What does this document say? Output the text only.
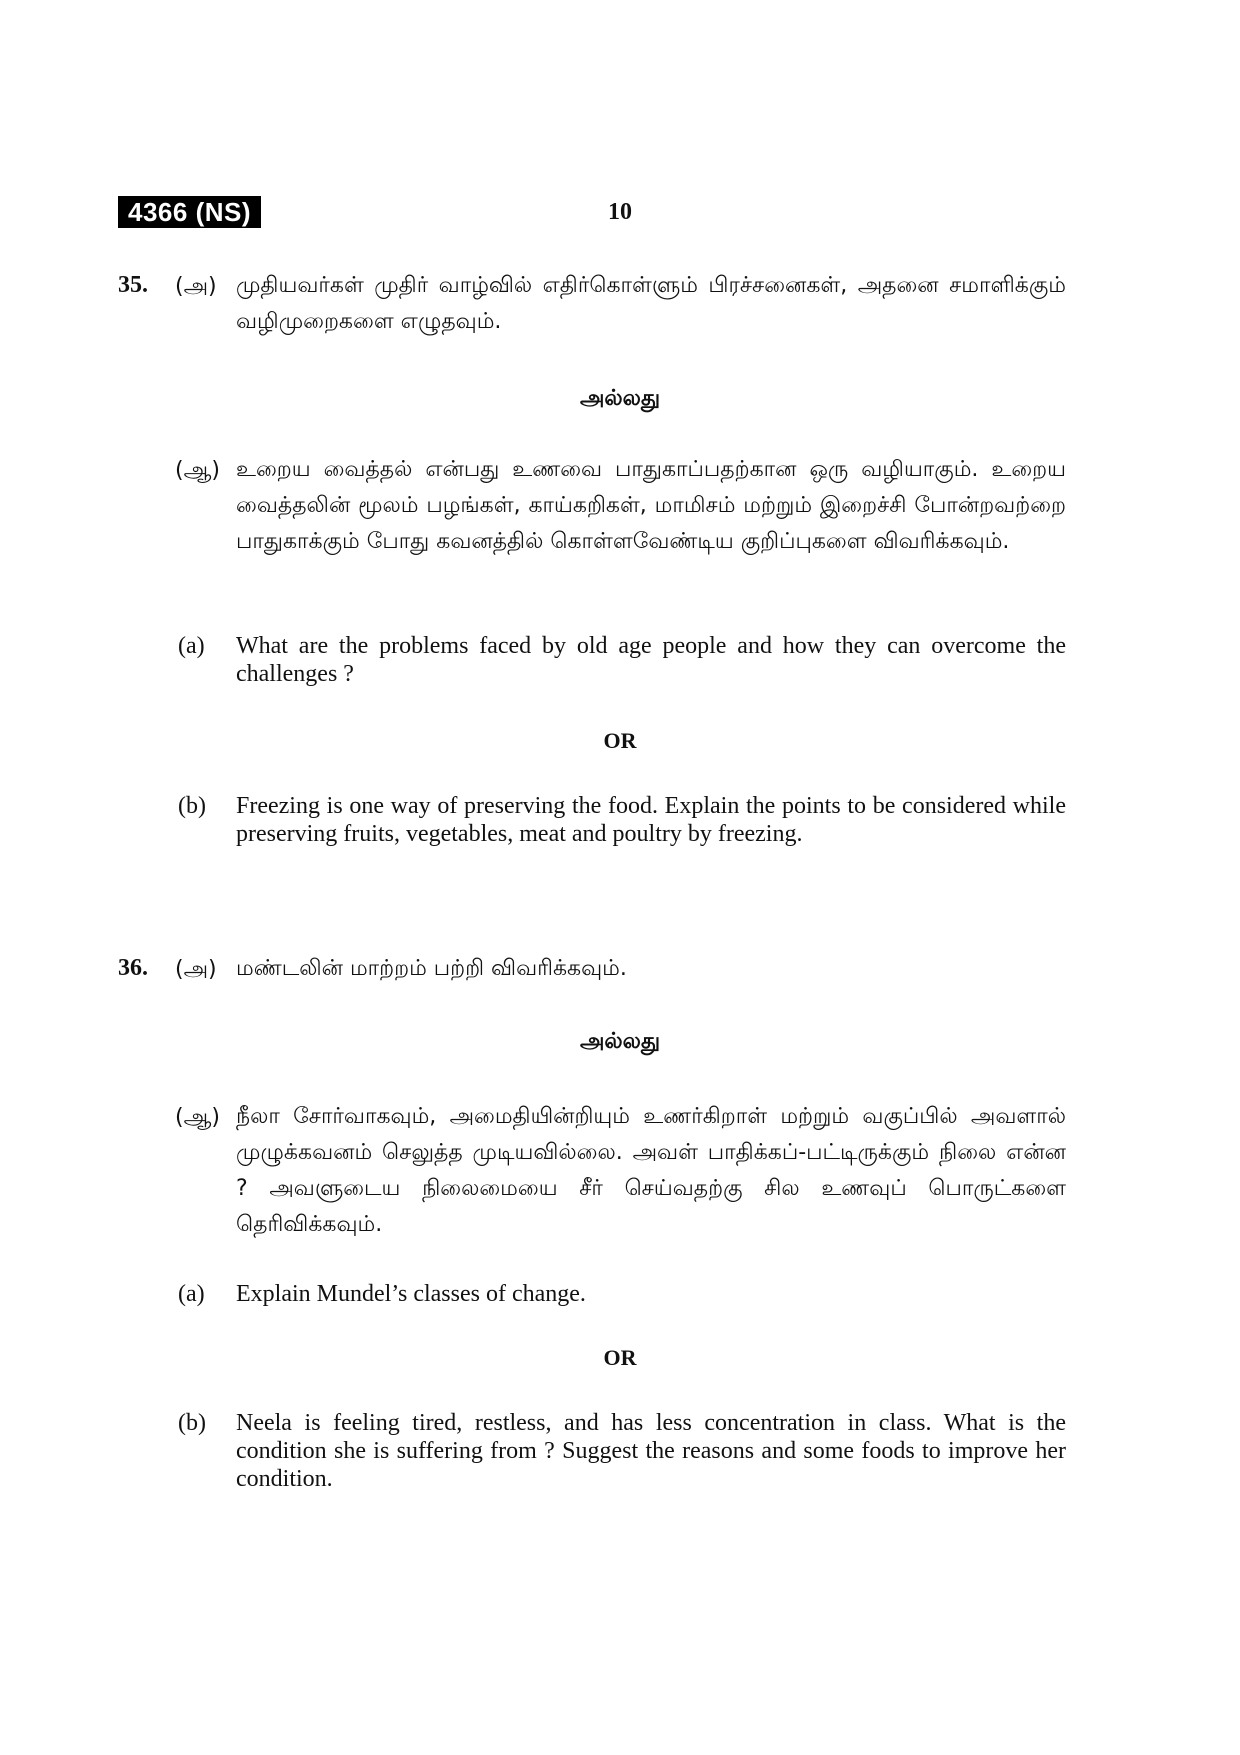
4366 (NS)	10
35. (அ) முதியவர்கள் முதிர் வாழ்வில் எதிர்கொள்ளும் பிரச்சனைகள், அதனை சமாளிக்கும் வழிமுறைகளை எழுதவும்.
அல்லது
(ஆ) உறைய வைத்தல் என்பது உணவை பாதுகாப்பதற்கான ஒரு வழியாகும். உறைய வைத்தலின் மூலம் பழங்கள், காய்கறிகள், மாமிசம் மற்றும் இறைச்சி போன்றவற்றை பாதுகாக்கும் போது கவனத்தில் கொள்ளவேண்டிய குறிப்புகளை விவரிக்கவும்.
(a) What are the problems faced by old age people and how they can overcome the challenges ?
OR
(b) Freezing is one way of preserving the food. Explain the points to be considered while preserving fruits, vegetables, meat and poultry by freezing.
36. (அ) மண்டலின் மாற்றம் பற்றி விவரிக்கவும்.
அல்லது
(ஆ) நீலா சோர்வாகவும், அமைதியின்றியும் உணர்கிறாள் மற்றும் வகுப்பில் அவளால் முழுக்கவனம் செலுத்த முடியவில்லை. அவள் பாதிக்கப்-பட்டிருக்கும் நிலை என்ன ? அவளுடைய நிலைமையை சீர் செய்வதற்கு சில உணவுப் பொருட்களை தெரிவிக்கவும்.
(a) Explain Mundel’s classes of change.
OR
(b) Neela is feeling tired, restless, and has less concentration in class. What is the condition she is suffering from ? Suggest the reasons and some foods to improve her condition.
